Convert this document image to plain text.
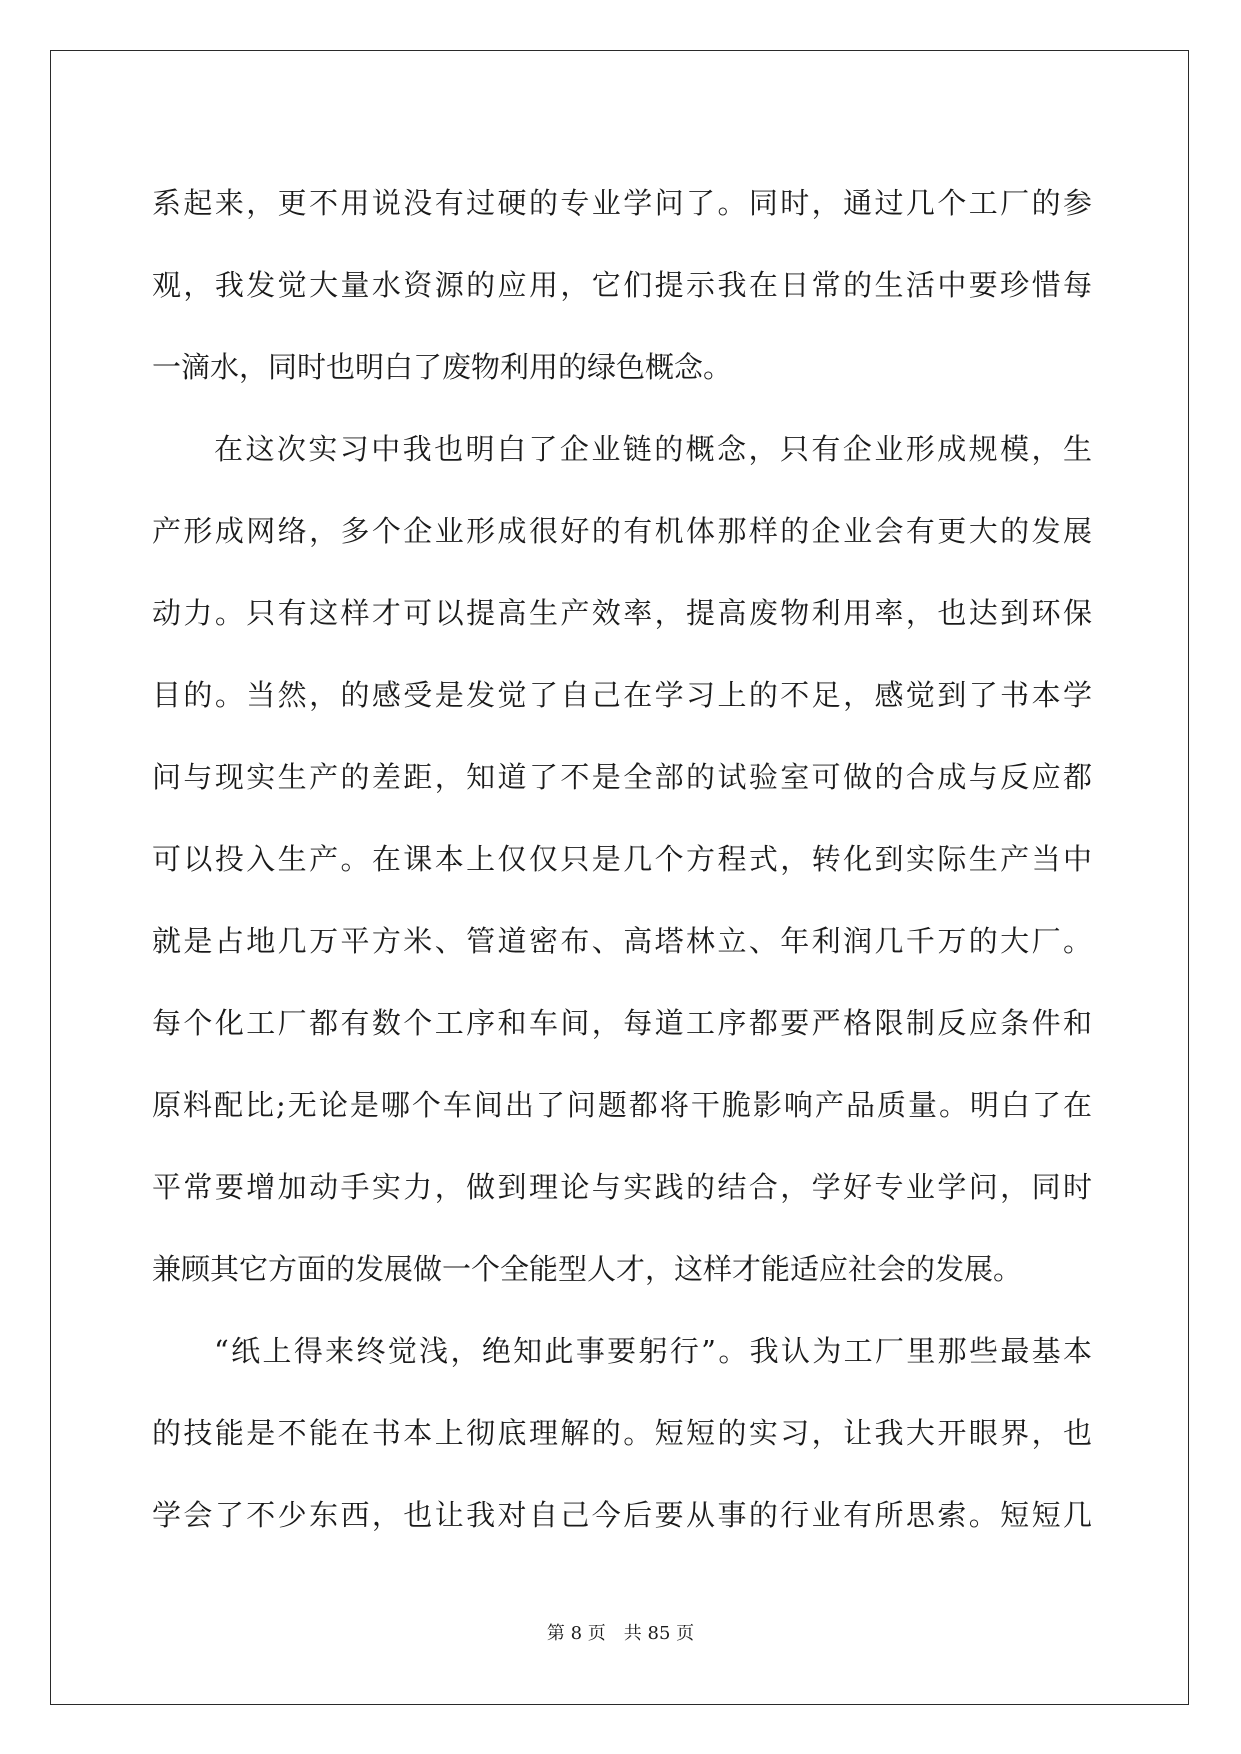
系起来，更不用说没有过硬的专业学问了。同时，通过几个工厂的参
观，我发觉大量水资源的应用，它们提示我在日常的生活中要珍惜每
一滴水，同时也明白了废物利用的绿色概念。
在这次实习中我也明白了企业链的概念，只有企业形成规模，生
产形成网络，多个企业形成很好的有机体那样的企业会有更大的发展
动力。只有这样才可以提高生产效率，提高废物利用率，也达到环保
目的。当然，的感受是发觉了自己在学习上的不足，感觉到了书本学
问与现实生产的差距，知道了不是全部的试验室可做的合成与反应都
可以投入生产。在课本上仅仅只是几个方程式，转化到实际生产当中
就是占地几万平方米、管道密布、高塔林立、年利润几千万的大厂。
每个化工厂都有数个工序和车间，每道工序都要严格限制反应条件和
原料配比;无论是哪个车间出了问题都将干脆影响产品质量。明白了在
平常要增加动手实力，做到理论与实践的结合，学好专业学问，同时
兼顾其它方面的发展做一个全能型人才，这样才能适应社会的发展。
“纸上得来终觉浅，绝知此事要躬行”。我认为工厂里那些最基本
的技能是不能在书本上彻底理解的。短短的实习，让我大开眼界，也
学会了不少东西，也让我对自己今后要从事的行业有所思索。短短几
第 8 页 共 85 页
